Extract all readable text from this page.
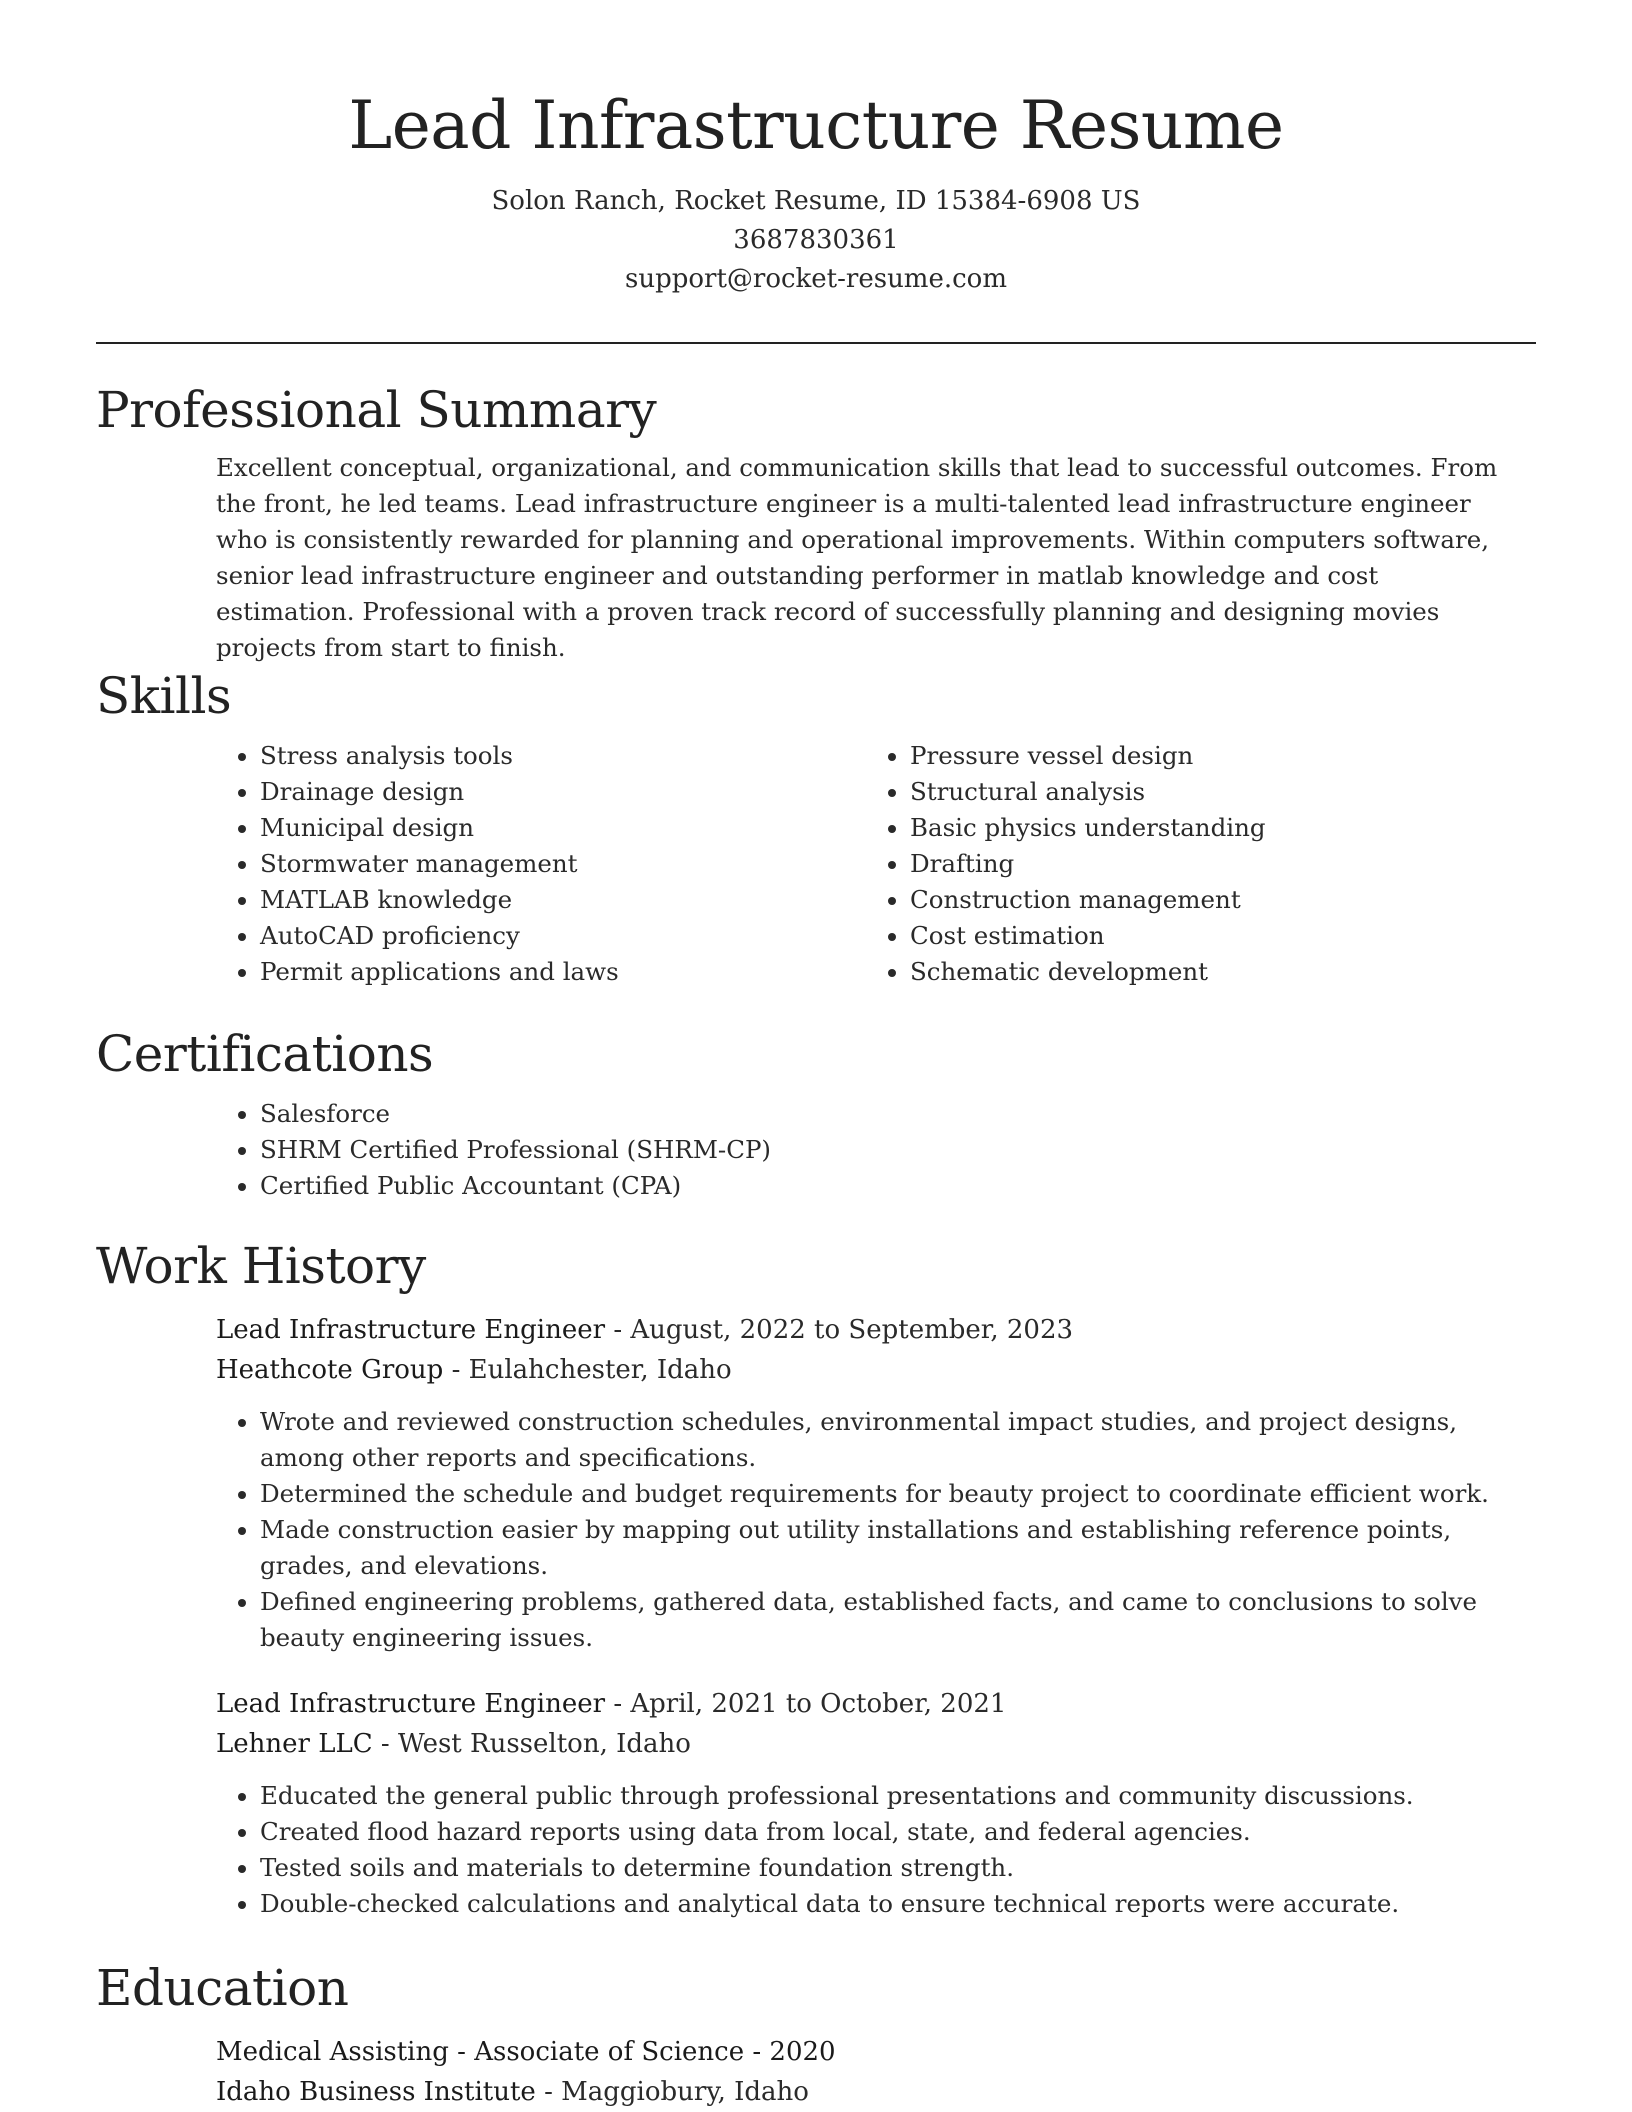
Lead Infrastructure Resume
Solon Ranch, Rocket Resume, ID 15384-6908 US
3687830361
support@rocket-resume.com
Professional Summary
Excellent conceptual, organizational, and communication skills that lead to successful outcomes. From the front, he led teams. Lead infrastructure engineer is a multi-talented lead infrastructure engineer who is consistently rewarded for planning and operational improvements. Within computers software, senior lead infrastructure engineer and outstanding performer in matlab knowledge and cost estimation. Professional with a proven track record of successfully planning and designing movies projects from start to finish.
Skills
• Stress analysis tools
• Drainage design
• Municipal design
• Stormwater management
• MATLAB knowledge
• AutoCAD proficiency
• Permit applications and laws
• Pressure vessel design
• Structural analysis
• Basic physics understanding
• Drafting
• Construction management
• Cost estimation
• Schematic development
Certifications
• Salesforce
• SHRM Certified Professional (SHRM-CP)
• Certified Public Accountant (CPA)
Work History
Lead Infrastructure Engineer - August, 2022 to September, 2023
Heathcote Group - Eulahchester, Idaho
• Wrote and reviewed construction schedules, environmental impact studies, and project designs, among other reports and specifications.
• Determined the schedule and budget requirements for beauty project to coordinate efficient work.
• Made construction easier by mapping out utility installations and establishing reference points, grades, and elevations.
• Defined engineering problems, gathered data, established facts, and came to conclusions to solve beauty engineering issues.
Lead Infrastructure Engineer - April, 2021 to October, 2021
Lehner LLC - West Russelton, Idaho
• Educated the general public through professional presentations and community discussions.
• Created flood hazard reports using data from local, state, and federal agencies.
• Tested soils and materials to determine foundation strength.
• Double-checked calculations and analytical data to ensure technical reports were accurate.
Education
Medical Assisting - Associate of Science - 2020
Idaho Business Institute - Maggiobury, Idaho
